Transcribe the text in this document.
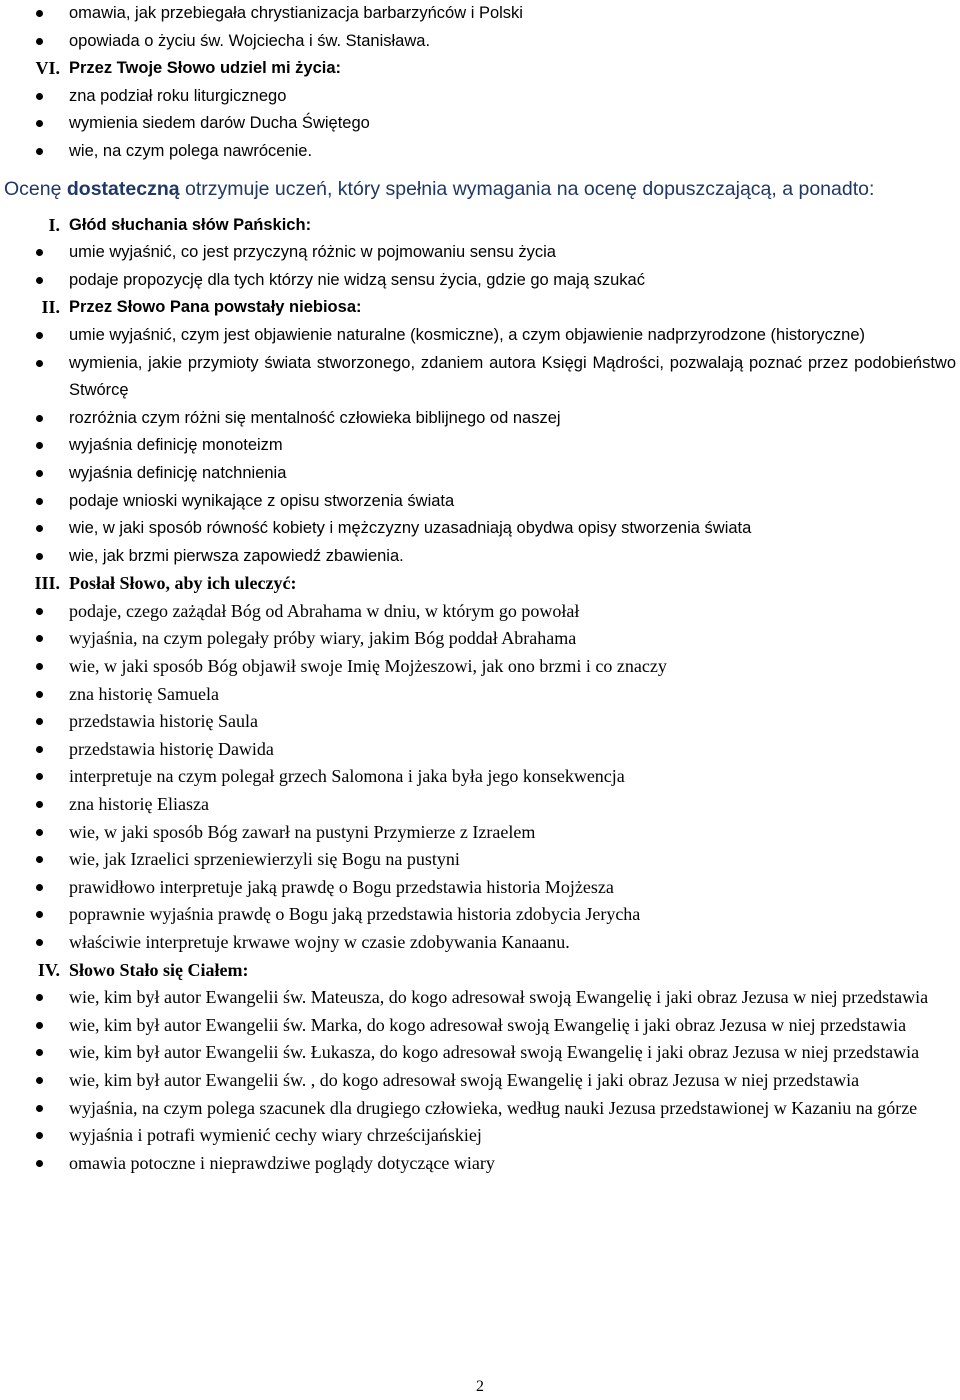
omawia, jak przebiegała chrystianizacja barbarzyńców i Polski
opowiada o życiu św. Wojciecha i św. Stanisława.
VI. Przez Twoje Słowo udziel mi życia:
zna podział roku liturgicznego
wymienia siedem darów Ducha Świętego
wie, na czym polega nawrócenie.
Ocenę dostateczną otrzymuje uczeń, który spełnia wymagania na ocenę dopuszczającą, a ponadto:
I. Głód słuchania słów Pańskich:
umie wyjaśnić, co jest przyczyną różnic w pojmowaniu sensu życia
podaje propozycję dla tych którzy nie widzą sensu życia, gdzie go mają szukać
II. Przez Słowo Pana powstały niebiosa:
umie wyjaśnić, czym jest objawienie naturalne (kosmiczne), a czym objawienie nadprzyrodzone (historyczne)
wymienia, jakie przymioty świata stworzonego, zdaniem autora Księgi Mądrości, pozwalają poznać przez podobieństwo Stwórcę
rozróżnia czym różni się mentalność człowieka biblijnego od naszej
wyjaśnia definicję monoteizm
wyjaśnia definicję natchnienia
podaje wnioski wynikające z opisu stworzenia świata
wie, w jaki sposób równość kobiety i mężczyzny uzasadniają obydwa opisy stworzenia świata
wie, jak brzmi pierwsza zapowiedź zbawienia.
III. Posłał Słowo, aby ich uleczyć:
podaje, czego zażądał Bóg od Abrahama w dniu, w którym go powołał
wyjaśnia, na czym polegały próby wiary, jakim Bóg poddał Abrahama
wie, w jaki sposób Bóg objawił swoje Imię Mojżeszowi, jak ono brzmi i co znaczy
zna historię Samuela
przedstawia historię Saula
przedstawia historię Dawida
interpretuje na czym polegał grzech Salomona i jaka była jego konsekwencja
zna historię Eliasza
wie, w jaki sposób Bóg zawarł na pustyni Przymierze z Izraelem
wie, jak Izraelici sprzeniewierzyli się Bogu na pustyni
prawidłowo interpretuje jaką prawdę o Bogu przedstawia historia Mojżesza
poprawnie wyjaśnia prawdę o Bogu jaką przedstawia historia zdobycia Jerycha
właściwie interpretuje krwawe wojny w czasie zdobywania Kanaanu.
IV. Słowo Stało się Ciałem:
wie, kim był autor Ewangelii św. Mateusza, do kogo adresował swoją Ewangelię i jaki obraz Jezusa w niej przedstawia
wie, kim był autor Ewangelii św. Marka, do kogo adresował swoją Ewangelię i jaki obraz Jezusa w niej przedstawia
wie, kim był autor Ewangelii św. Łukasza, do kogo adresował swoją Ewangelię i jaki obraz Jezusa w niej przedstawia
wie, kim był autor Ewangelii św. , do kogo adresował swoją Ewangelię i jaki obraz Jezusa w niej przedstawia
wyjaśnia, na czym polega szacunek dla drugiego człowieka, według nauki Jezusa przedstawionej w Kazaniu na górze
wyjaśnia i potrafi wymienić cechy wiary chrześcijańskiej
omawia potoczne i nieprawdziwe poglądy dotyczące wiary
2
